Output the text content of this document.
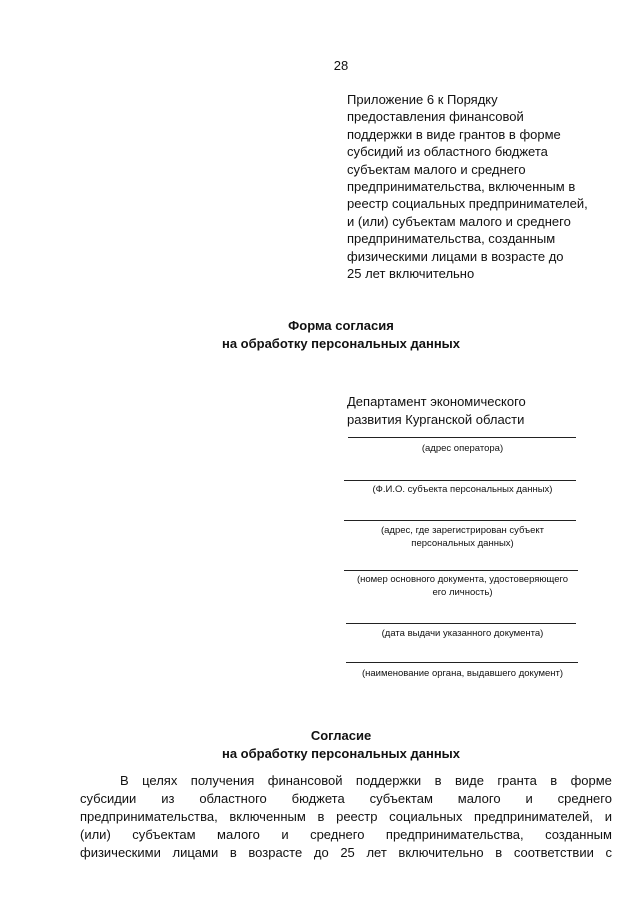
28
Приложение 6 к Порядку
предоставления финансовой
поддержки в виде грантов в форме
субсидий из областного бюджета
субъектам малого и среднего
предпринимательства, включенным в
реестр социальных предпринимателей,
и (или) субъектам малого и среднего
предпринимательства, созданным
физическими лицами в возрасте до
25 лет включительно
Форма согласия
на обработку персональных данных
Департамент экономического
развития Курганской области
(адрес оператора)
(Ф.И.О. субъекта персональных данных)
(адрес, где зарегистрирован субъект
персональных данных)
(номер основного документа, удостоверяющего
его личность)
(дата выдачи указанного документа)
(наименование органа, выдавшего документ)
Согласие
на обработку персональных данных
В целях получения финансовой поддержки в виде гранта в форме
субсидии из областного бюджета субъектам малого и среднего
предпринимательства, включенным в реестр социальных предпринимателей, и
(или) субъектам малого и среднего предпринимательства, созданным
физическими лицами в возрасте до 25 лет включительно в соответствии с
